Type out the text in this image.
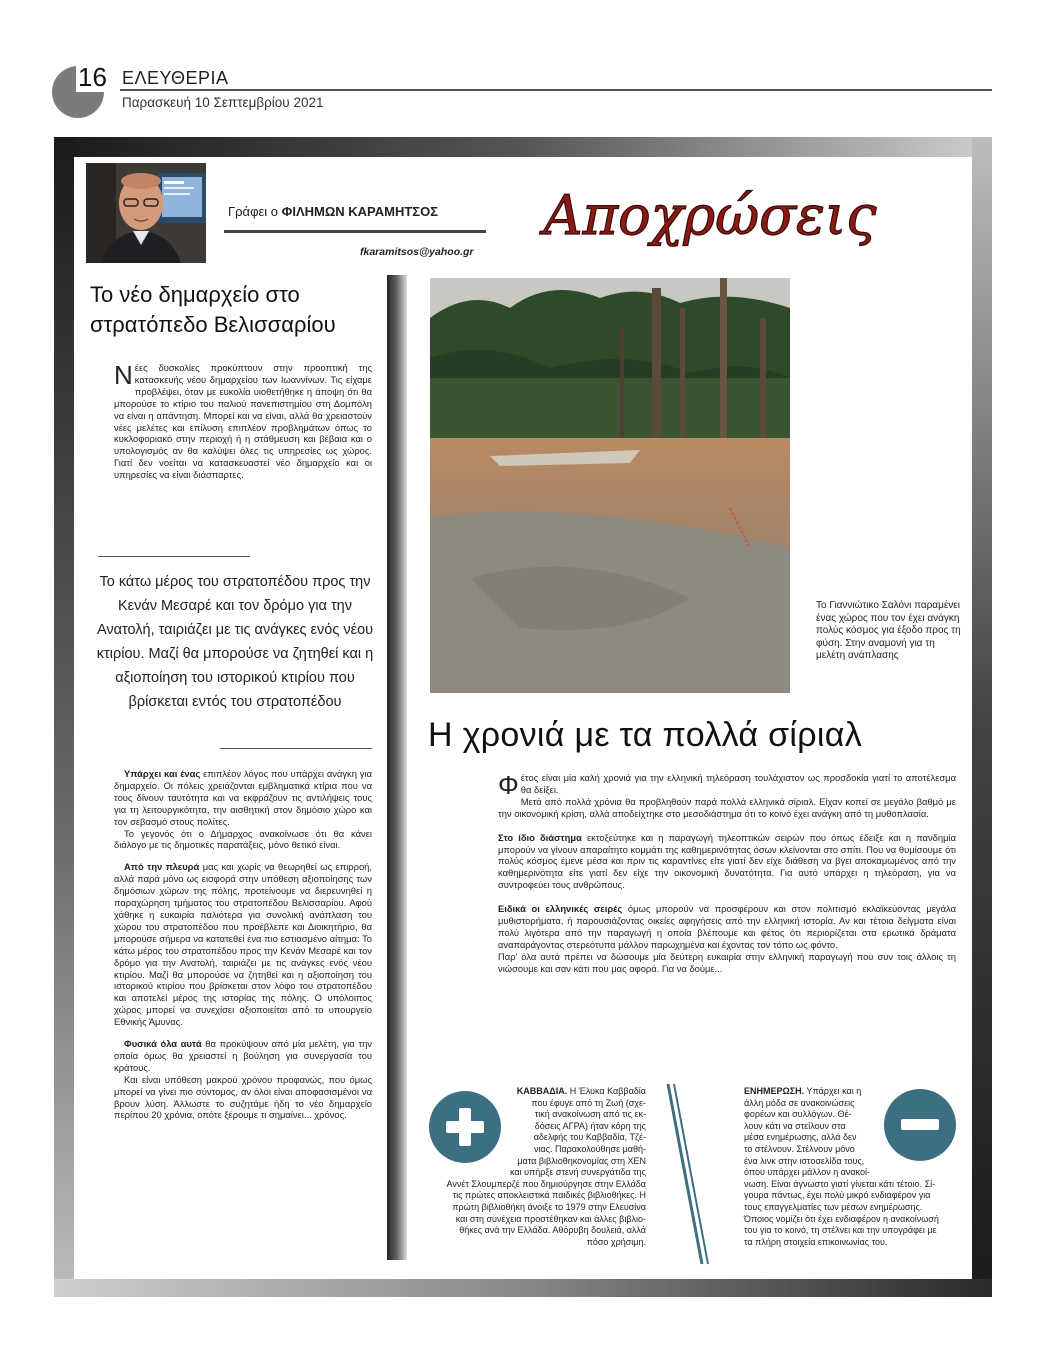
16 ΕΛΕΥΘΕΡΙΑ
Παρασκευή 10 Σεπτεμβρίου 2021
Γράφει ο ΦΙΛΗΜΩΝ ΚΑΡΑΜΗΤΣΟΣ
fkaramitsos@yahoo.gr
Αποχρώσεις
Το νέο δημαρχείο στο
στρατόπεδο Βελισσαρίου

Νέες δυσκολίες προκύπτουν στην προοπτική της κατασκευής νέου δημαρχείου των Ιωαννίνων. Τις είχαμε προβλέψει, όταν με ευκολία υιοθετήθηκε η άποψη ότι θα μπορούσε το κτίριο του παλιού πανεπιστημίου στη Δομπόλη να είναι η απάντηση. Μπορεί και να είναι, αλλά θα χρειαστούν νέες μελέτες και επίλυση επιπλέον προβλημάτων όπως το κυκλοφοριακό στην περιοχή ή η στάθμευση και βέβαια και ο υπολογισμός αν θα καλύψει όλες τις υπηρεσίες ως χώρος. Γιατί δεν νοείται να κατασκευαστεί νέο δημαρχείο και οι υπηρεσίες να είναι διάσπαρτες.

Το κάτω μέρος του στρατοπέδου προς την Κενάν Μεσαρέ και τον δρόμο για την Ανατολή, ταιριάζει με τις ανάγκες ενός νέου κτιρίου. Μαζί θα μπορούσε να ζητηθεί και η αξιοποίηση του ιστορικού κτιρίου που βρίσκεται εντός του στρατοπέδου

Υπάρχει και ένας επιπλέον λόγος που υπάρχει ανάγκη για δημαρχείο. Οι πόλεις χρειάζονται εμβληματικά κτίρια που να τους δίνουν ταυτότητα και να εκφράζουν τις αντιλήψεις τους για τη λειτουργικότητα, την αισθητική στον δημόσιο χώρο και τον σεβασμό στους πολίτες.

Το γεγονός ότι ο Δήμαρχος ανακοίνωσε ότι θα κάνει διάλογο με τις δημοτικές παρατάξεις, μόνο θετικό είναι.

Από την πλευρά μας και χωρίς να θεωρηθεί ως επιρροή, αλλά παρά μόνο ως εισφορά στην υπόθεση αξιοποίησης των δημόσιων χώρων της πόλης, προτείνουμε να διερευνηθεί η παραχώρηση τμήματος του στρατοπέδου Βελισσαρίου. Αφού χάθηκε η ευκαιρία παλιότερα για συνολική ανάπλαση του χώρου του στρατοπέδου που προέβλεπε και Διοικητήριο, θα μπορούσε σήμερα να κατατεθεί ένα πιο εστιασμένο αίτημα: Το κάτω μέρος του στρατοπέδου προς την Κενάν Μεσαρέ και τον δρόμο για την Ανατολή, ταιριάζει με τις ανάγκες ενός νέου κτιρίου. Μαζί θα μπορούσε να ζητηθεί και η αξιοποίηση του ιστορικού κτιρίου που βρίσκεται στον λόφο του στρατοπέδου και αποτελεί μέρος της ιστορίας της πόλης. Ο υπόλοιπος χώρος μπορεί να συνεχίσει αξιοποιείται από το υπουργείο Εθνικής Άμυνας.

Φυσικά όλα αυτά θα προκύψουν από μία μελέτη, για την οποία όμως θα χρειαστεί η βούληση για συνεργασία του κράτους.

Και είναι υπόθεση μακρού χρόνου προφανώς, που όμως μπορεί να γίνει πιο σύντομος, αν όλοι είναι αποφασισμένοι να βρουν λύση. Άλλωστε το συζητάμε ήδη το νέο δημαρχείο περίπου 20 χρόνια, οπότε ξέρουμε τι σημαίνει... χρόνος.

Το Γιαννιώτικο Σαλόνι παραμένει ένας χώρος που τον έχει ανάγκη πολύς κόσμος για έξοδο προς τη φύση. Στην αναμονή για τη μελέτη ανάπλασης
Η χρονιά με τα πολλά σίριαλ

Φέτος είναι μία καλή χρονιά για την ελληνική τηλεόραση τουλάχιστον ως προσδοκία γιατί το αποτέλεσμα θα δείξει.

Μετά από πολλά χρόνια θα προβληθούν παρά πολλά ελληνικά σίριαλ. Είχαν κοπεί σε μεγάλο βαθμό με την οικονομική κρίση, αλλά αποδείχτηκε στο μεσοδιάστημα ότι το κοινό έχει ανάγκη από τη μυθοπλασία.

Στο ίδιο διάστημα εκτοξεύτηκε και η παραγωγή τηλεοπτικών σειρών που όπως έδειξε και η πανδημία μπορούν να γίνουν απαραίτητο κομμάτι της καθημερινότητας όσων κλείνονται στο σπίτι. Που να θυμίσουμε ότι πολύς κόσμος έμενε μέσα και πριν τις καραντίνες είτε γιατί δεν είχε διάθεση να βγει αποκαμωμένος από την καθημερινότητα είτε γιατί δεν είχε την οικονομική δυνατότητα. Για αυτό υπάρχει η τηλεόραση, για να συντροφεύει τους ανθρώπους.

Ειδικά οι ελληνικές σειρές όμως μπορούν να προσφέρουν και στον πολιτισμό εκλαϊκεύοντας μεγάλα μυθιστορήματα, ή παρουσιάζοντας οικείες αφηγήσεις από την ελληνική ιστορία. Αν και τέτοια δείγματα είναι πολύ λιγότερα από την παραγωγή η οποία βλέπουμε και φέτος ότι περιορίζεται στα ερωτικά δράματα αναπαράγοντας στερεότυπα μάλλον παρωχημένα και έχοντας τον τόπο ως φόντο.

Παρ’ όλα αυτά πρέπει να δώσουμε μία δεύτερη ευκαιρία στην ελληνική παραγωγή που συν τοις άλλοις τη νιώσουμε και σαν κάτι που μας αφορά. Για να δούμε...

ΚΑΒΒΑΔΙΑ. Η Έλυκα Καββαδία
που έφυγε από τη Ζωή (σχε-
τική ανακοίνωση από τις εκ-
δόσεις ΑΓΡΑ) ήταν κόρη της
αδελφής του Καββαδία, Τζέ-
νιας. Παρακολούθησε μαθή-
ματα βιβλιοθηκονομίας στη ΧΕΝ
και υπήρξε στενή συνεργάτιδα της
Αννέτ Σλουμπερζέ που δημιούργησε στην Ελλάδα
τις πρώτες αποκλειστικά παιδικές βιβλιοθήκες. Η
πρώτη βιβλιοθήκη άνοιξε το 1979 στην Ελευσίνα
και στη συνέχεια προστέθηκαν και άλλες βιβλιο-
θήκες ανά την Ελλάδα. Αθόρυβη δουλειά, αλλά
πόσο χρήσιμη.
ΕΝΗΜΕΡΩΣΗ. Υπάρχει και η
άλλη μόδα σε ανακοινώσεις
φορέων και συλλόγων. Θέ-
λουν κάτι να στείλουν στα
μέσα ενημέρωσης, αλλά δεν
το στέλνουν. Στέλνουν μόνο
ένα λινκ στην ιστοσελίδα τους,
όπου υπάρχει μάλλον η ανακοί-
νωση. Είναι άγνωστο γιατί γίνεται κάτι τέτοιο. Σί-
γουρα πάντως, έχει πολύ μικρό ενδιαφέρον για
τους επαγγελματίες των μέσων ενημέρωσης.
Όποιος νομίζει ότι έχει ενδιαφέρον η ανακοίνωσή
του για το κοινό, τη στέλνει και την υπογράφει με
τα πλήρη στοιχεία επικοινωνίας του.
